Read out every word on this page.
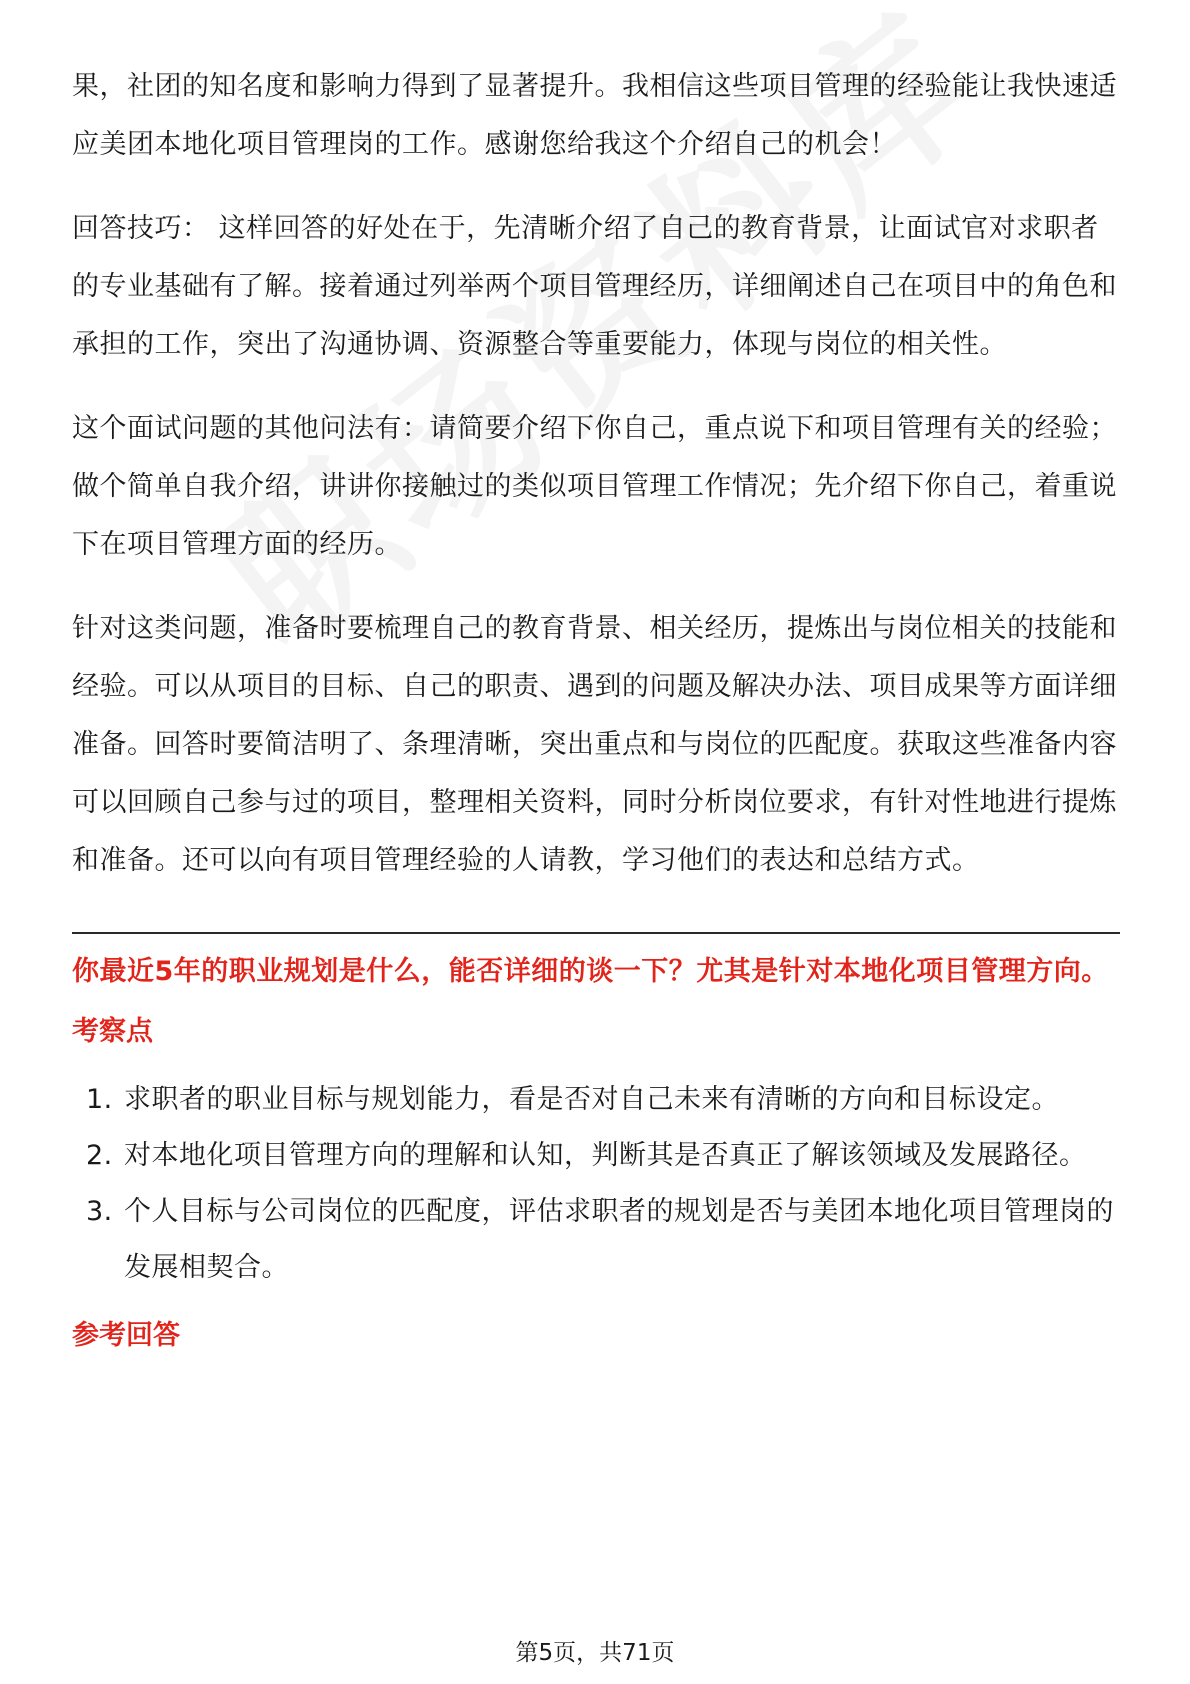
果，社团的知名度和影响力得到了显著提升。我相信这些项目管理的经验能让我快速适应美团本地化项目管理岗的工作。感谢您给我这个介绍自己的机会！

回答技巧： 这样回答的好处在于，先清晰介绍了自己的教育背景，让面试官对求职者的专业基础有了解。接着通过列举两个项目管理经历，详细阐述自己在项目中的角色和承担的工作，突出了沟通协调、资源整合等重要能力，体现与岗位的相关性。

这个面试问题的其他问法有：请简要介绍下你自己，重点说下和项目管理有关的经验；做个简单自我介绍，讲讲你接触过的类似项目管理工作情况；先介绍下你自己，着重说下在项目管理方面的经历。

针对这类问题，准备时要梳理自己的教育背景、相关经历，提炼出与岗位相关的技能和经验。可以从项目的目标、自己的职责、遇到的问题及解决办法、项目成果等方面详细准备。回答时要简洁明了、条理清晰，突出重点和与岗位的匹配度。获取这些准备内容可以回顾自己参与过的项目，整理相关资料，同时分析岗位要求，有针对性地进行提炼和准备。还可以向有项目管理经验的人请教，学习他们的表达和总结方式。

你最近5年的职业规划是什么，能否详细的谈一下？尤其是针对本地化项目管理方向。
考察点
1. 求职者的职业目标与规划能力，看是否对自己未来有清晰的方向和目标设定。
2. 对本地化项目管理方向的理解和认知，判断其是否真正了解该领域及发展路径。
3. 个人目标与公司岗位的匹配度，评估求职者的规划是否与美团本地化项目管理岗的发展相契合。
参考回答
第5页，共71页
